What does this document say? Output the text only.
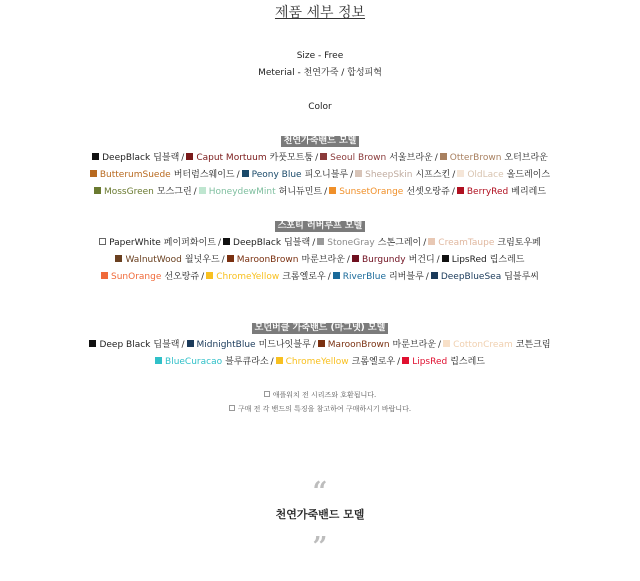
제품 세부 정보
Size - Free
Meterial - 천연가죽 / 합성피혁
Color
천연가죽밴드 모델
DeepBlack 딥블랙 / Caput Mortuum 카풋모트툼 / Seoul Brown 서울브라운 / OtterBrown 오터브라운
ButterumSuede 버터럼스웨이드 / Peony Blue 피오니블루 / SheepSkin 시프스킨 / OldLace 올드레이스
MossGreen 모스그린 / HoneydewMint 허니듀민트 / SunsetOrange 선셋오랑쥬 / BerryRed 베리레드
스포티 러버루프 모델
PaperWhite 페이퍼화이트 / DeepBlack 딥블랙 / StoneGray 스톤그레이 / CreamTaupe 크림토우페
WalnutWood 월넛우드 / MaroonBrown 마룬브라운 / Burgundy 버건디 / LipsRed 립스레드
SunOrange 선오랑쥬 / ChromeYellow 크롬옐로우 / RiverBlue 리버블루 / DeepBlueSea 딥블루씨
모던버클 가죽밴드 (마그넷) 모델
Deep Black 딥블랙 / MidnightBlue 미드나잇블루 / MaroonBrown 마룬브라운 / CottonCream 코튼크림
BlueCuracao 블루큐라소 / ChromeYellow 크롬옐로우 / LipsRed 립스레드
애플워치 전 시리즈와 호환됩니다.
구매 전 각 밴드의 특징을 참고하여 구매하시기 바랍니다.
“
천연가죽밴드 모델
”
